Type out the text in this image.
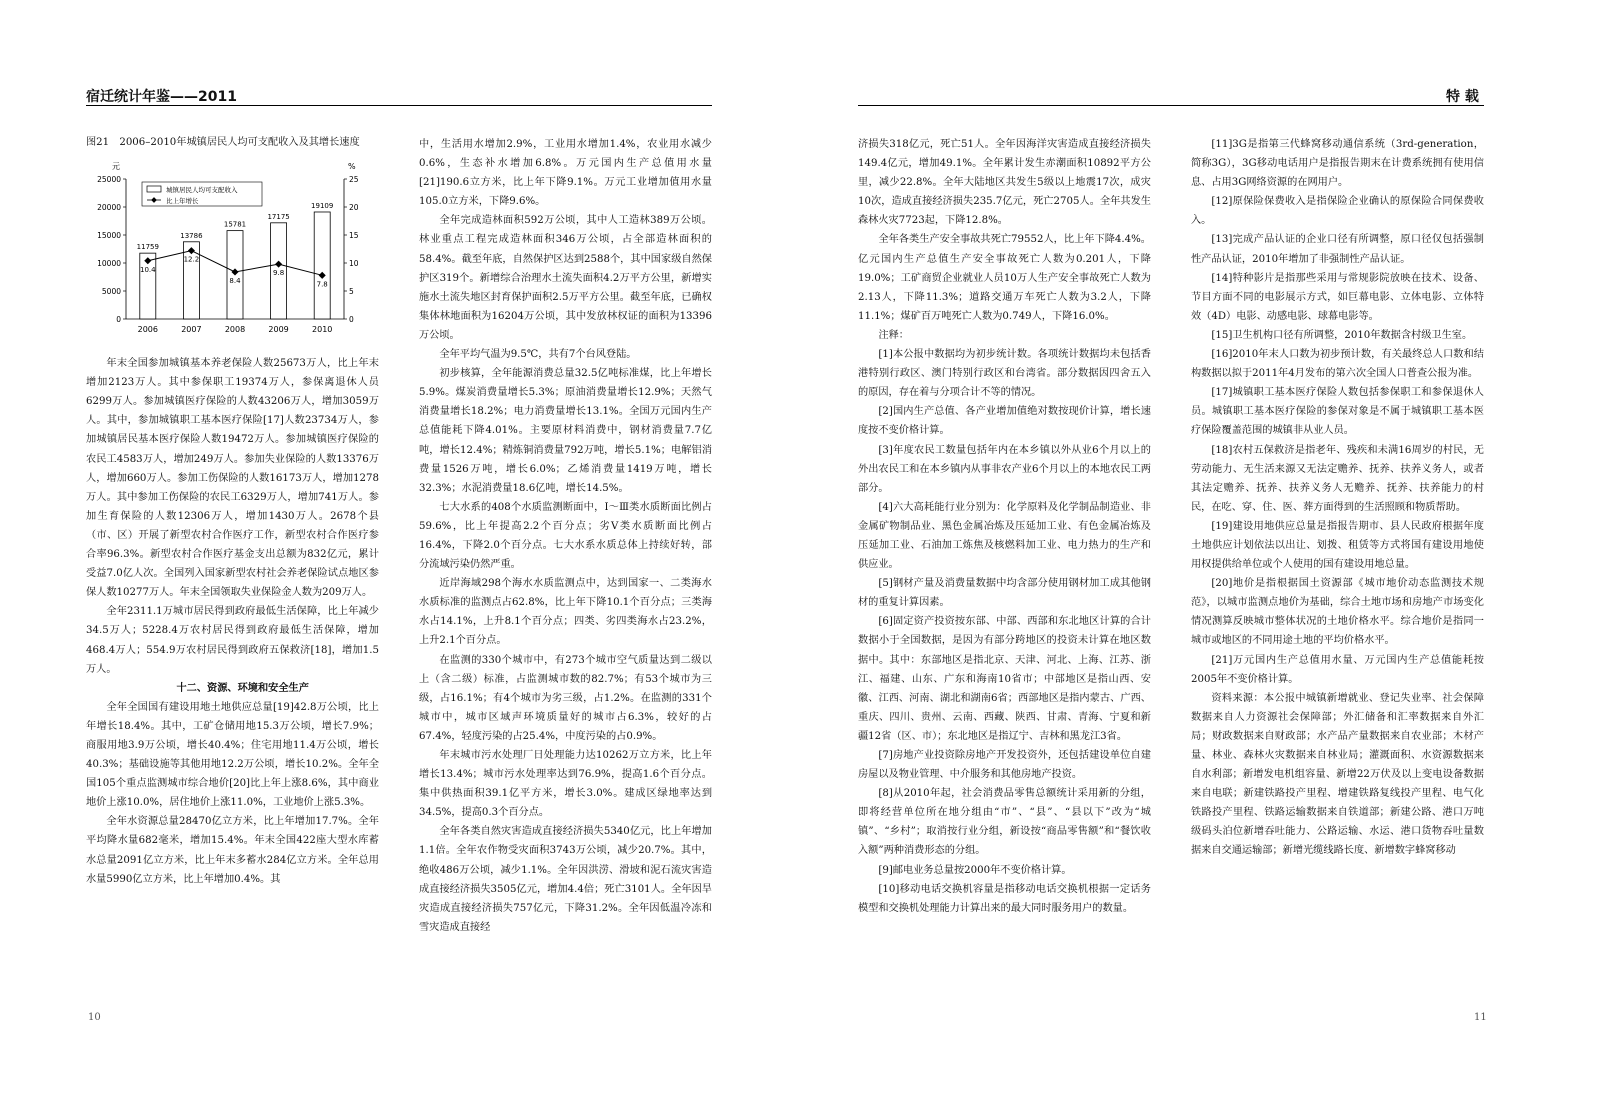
宿迁统计年鉴——2011	特 载
图21　2006–2010年城镇居民人均可支配收入及其增长速度
元	%
25000
20000
15000
10000
5000
0
25
20
15
10
5
0
城镇居民人均可支配收入
比上年增长
11759
2006
13786
2007
15781
2008
17175
2009
19109
2010
10.4
12.2
8.4
9.8
7.8

年末全国参加城镇基本养老保险人数25673万人，比上年末增加2123万人。其中参保职工19374万人，参保离退休人员6299万人。参加城镇医疗保险的人数43206万人，增加3059万人。其中，参加城镇职工基本医疗保险[17]人数23734万人，参加城镇居民基本医疗保险人数19472万人。参加城镇医疗保险的农民工4583万人，增加249万人。参加失业保险的人数13376万人，增加660万人。参加工伤保险的人数16173万人，增加1278万人。其中参加工伤保险的农民工6329万人，增加741万人。参加生育保险的人数12306万人，增加1430万人。2678个县（市、区）开展了新型农村合作医疗工作，新型农村合作医疗参合率96.3%。新型农村合作医疗基金支出总额为832亿元，累计受益7.0亿人次。全国列入国家新型农村社会养老保险试点地区参保人数10277万人。年末全国领取失业保险金人数为209万人。

全年2311.1万城市居民得到政府最低生活保障，比上年减少34.5万人；5228.4万农村居民得到政府最低生活保障，增加468.4万人；554.9万农村居民得到政府五保救济[18]，增加1.5万人。

十二、资源、环境和安全生产

全年全国国有建设用地土地供应总量[19]42.8万公顷，比上年增长18.4%。其中，工矿仓储用地15.3万公顷，增长7.9%；商服用地3.9万公顷，增长40.4%；住宅用地11.4万公顷，增长40.3%；基础设施等其他用地12.2万公顷，增长10.2%。全年全国105个重点监测城市综合地价[20]比上年上涨8.6%，其中商业地价上涨10.0%，居住地价上涨11.0%，工业地价上涨5.3%。

全年水资源总量28470亿立方米，比上年增加17.7%。全年平均降水量682毫米，增加15.4%。年末全国422座大型水库蓄水总量2091亿立方米，比上年末多蓄水284亿立方米。全年总用水量5990亿立方米，比上年增加0.4%。其

中，生活用水增加2.9%，工业用水增加1.4%，农业用水减少0.6%，生态补水增加6.8%。万元国内生产总值用水量[21]190.6立方米，比上年下降9.1%。万元工业增加值用水量105.0立方米，下降9.6%。

全年完成造林面积592万公顷，其中人工造林389万公顷。林业重点工程完成造林面积346万公顷，占全部造林面积的58.4%。截至年底，自然保护区达到2588个，其中国家级自然保护区319个。新增综合治理水土流失面积4.2万平方公里，新增实施水土流失地区封育保护面积2.5万平方公里。截至年底，已确权集体林地面积为16204万公顷，其中发放林权证的面积为13396万公顷。

全年平均气温为9.5℃，共有7个台风登陆。

初步核算，全年能源消费总量32.5亿吨标准煤，比上年增长5.9%。煤炭消费量增长5.3%；原油消费量增长12.9%；天然气消费量增长18.2%；电力消费量增长13.1%。全国万元国内生产总值能耗下降4.01%。主要原材料消费中，钢材消费量7.7亿吨，增长12.4%；精炼铜消费量792万吨，增长5.1%；电解铝消费量1526万吨，增长6.0%；乙烯消费量1419万吨，增长32.3%；水泥消费量18.6亿吨，增长14.5%。

七大水系的408个水质监测断面中，Ⅰ～Ⅲ类水质断面比例占59.6%，比上年提高2.2个百分点；劣Ⅴ类水质断面比例占16.4%，下降2.0个百分点。七大水系水质总体上持续好转，部分流域污染仍然严重。

近岸海域298个海水水质监测点中，达到国家一、二类海水水质标准的监测点占62.8%，比上年下降10.1个百分点；三类海水占14.1%，上升8.1个百分点；四类、劣四类海水占23.2%，上升2.1个百分点。

在监测的330个城市中，有273个城市空气质量达到二级以上（含二级）标准，占监测城市数的82.7%；有53个城市为三级，占16.1%；有4个城市为劣三级，占1.2%。在监测的331个城市中，城市区域声环境质量好的城市占6.3%，较好的占67.4%，轻度污染的占25.4%，中度污染的占0.9%。

年末城市污水处理厂日处理能力达10262万立方米，比上年增长13.4%；城市污水处理率达到76.9%，提高1.6个百分点。集中供热面积39.1亿平方米，增长3.0%。建成区绿地率达到34.5%，提高0.3个百分点。

全年各类自然灾害造成直接经济损失5340亿元，比上年增加1.1倍。全年农作物受灾面积3743万公顷，减少20.7%。其中，绝收486万公顷，减少1.1%。全年因洪涝、滑坡和泥石流灾害造成直接经济损失3505亿元，增加4.4倍；死亡3101人。全年因旱灾造成直接经济损失757亿元，下降31.2%。全年因低温冷冻和雪灾造成直接经

济损失318亿元，死亡51人。全年因海洋灾害造成直接经济损失149.4亿元，增加49.1%。全年累计发生赤潮面积10892平方公里，减少22.8%。全年大陆地区共发生5级以上地震17次，成灾10次，造成直接经济损失235.7亿元，死亡2705人。全年共发生森林火灾7723起，下降12.8%。

全年各类生产安全事故共死亡79552人，比上年下降4.4%。亿元国内生产总值生产安全事故死亡人数为0.201人，下降19.0%；工矿商贸企业就业人员10万人生产安全事故死亡人数为2.13人，下降11.3%；道路交通万车死亡人数为3.2人，下降11.1%；煤矿百万吨死亡人数为0.749人，下降16.0%。

注释：

[1]本公报中数据均为初步统计数。各项统计数据均未包括香港特别行政区、澳门特别行政区和台湾省。部分数据因四舍五入的原因，存在着与分项合计不等的情况。

[2]国内生产总值、各产业增加值绝对数按现价计算，增长速度按不变价格计算。

[3]年度农民工数量包括年内在本乡镇以外从业6个月以上的外出农民工和在本乡镇内从事非农产业6个月以上的本地农民工两部分。

[4]六大高耗能行业分别为：化学原料及化学制品制造业、非金属矿物制品业、黑色金属冶炼及压延加工业、有色金属冶炼及压延加工业、石油加工炼焦及核燃料加工业、电力热力的生产和供应业。

[5]钢材产量及消费量数据中均含部分使用钢材加工成其他钢材的重复计算因素。

[6]固定资产投资按东部、中部、西部和东北地区计算的合计数据小于全国数据，是因为有部分跨地区的投资未计算在地区数据中。其中：东部地区是指北京、天津、河北、上海、江苏、浙江、福建、山东、广东和海南10省市；中部地区是指山西、安徽、江西、河南、湖北和湖南6省；西部地区是指内蒙古、广西、重庆、四川、贵州、云南、西藏、陕西、甘肃、青海、宁夏和新疆12省（区、市）；东北地区是指辽宁、吉林和黑龙江3省。

[7]房地产业投资除房地产开发投资外，还包括建设单位自建房屋以及物业管理、中介服务和其他房地产投资。

[8]从2010年起，社会消费品零售总额统计采用新的分组，即将经营单位所在地分组由“市”、“县”、“县以下”改为“城镇”、“乡村”；取消按行业分组，新设按“商品零售额”和“餐饮收入额”两种消费形态的分组。

[9]邮电业务总量按2000年不变价格计算。

[10]移动电话交换机容量是指移动电话交换机根据一定话务模型和交换机处理能力计算出来的最大同时服务用户的数量。

[11]3G是指第三代蜂窝移动通信系统（3rd-generation，简称3G），3G移动电话用户是指报告期末在计费系统拥有使用信息、占用3G网络资源的在网用户。

[12]原保险保费收入是指保险企业确认的原保险合同保费收入。

[13]完成产品认证的企业口径有所调整，原口径仅包括强制性产品认证，2010年增加了非强制性产品认证。

[14]特种影片是指那些采用与常规影院放映在技术、设备、节目方面不同的电影展示方式，如巨幕电影、立体电影、立体特效（4D）电影、动感电影、球幕电影等。

[15]卫生机构口径有所调整，2010年数据含村级卫生室。

[16]2010年末人口数为初步预计数，有关最终总人口数和结构数据以拟于2011年4月发布的第六次全国人口普查公报为准。

[17]城镇职工基本医疗保险人数包括参保职工和参保退休人员。城镇职工基本医疗保险的参保对象是不属于城镇职工基本医疗保险覆盖范围的城镇非从业人员。

[18]农村五保救济是指老年、残疾和未满16周岁的村民，无劳动能力、无生活来源又无法定赡养、抚养、扶养义务人，或者其法定赡养、抚养、扶养义务人无赡养、抚养、扶养能力的村民，在吃、穿、住、医、葬方面得到的生活照顾和物质帮助。

[19]建设用地供应总量是指报告期市、县人民政府根据年度土地供应计划依法以出让、划拨、租赁等方式将国有建设用地使用权提供给单位或个人使用的国有建设用地总量。

[20]地价是指根据国土资源部《城市地价动态监测技术规范》，以城市监测点地价为基础，综合土地市场和房地产市场变化情况测算反映城市整体状况的土地价格水平。综合地价是指同一城市或地区的不同用途土地的平均价格水平。

[21]万元国内生产总值用水量、万元国内生产总值能耗按2005年不变价格计算。

资料来源：本公报中城镇新增就业、登记失业率、社会保障数据来自人力资源社会保障部；外汇储备和汇率数据来自外汇局；财政数据来自财政部；水产品产量数据来自农业部；木材产量、林业、森林火灾数据来自林业局；灌溉面积、水资源数据来自水利部；新增发电机组容量、新增22万伏及以上变电设备数据来自电联；新建铁路投产里程、增建铁路复线投产里程、电气化铁路投产里程、铁路运输数据来自铁道部；新建公路、港口万吨级码头泊位新增吞吐能力、公路运输、水运、港口货物吞吐量数据来自交通运输部；新增光缆线路长度、新增数字蜂窝移动

10	11
